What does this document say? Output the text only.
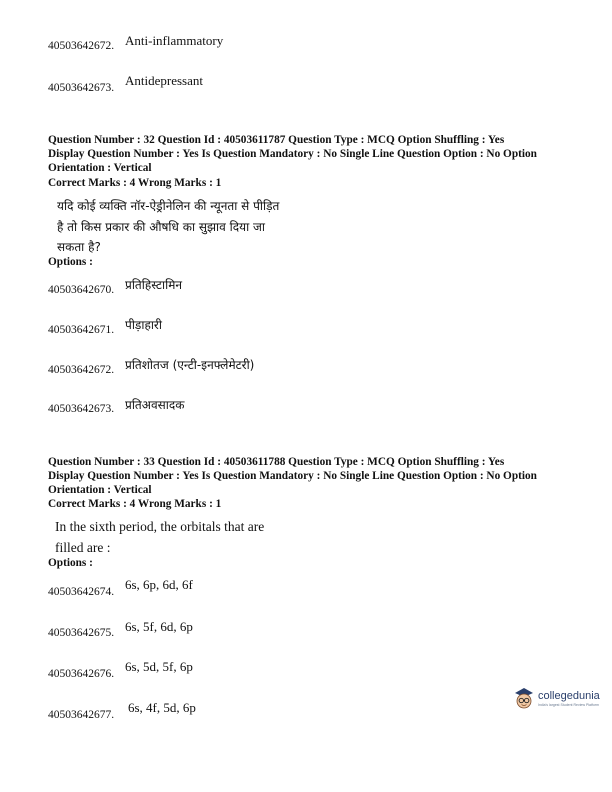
40503642672. Anti-inflammatory
40503642673. Antidepressant
Question Number : 32 Question Id : 40503611787 Question Type : MCQ Option Shuffling : Yes
Display Question Number : Yes Is Question Mandatory : No Single Line Question Option : No Option
Orientation : Vertical
Correct Marks : 4 Wrong Marks : 1
यदि कोई व्यक्ति नॉर-ऐड्रीनेलिन की न्यूनता से पीड़ित
है तो किस प्रकार की औषधि का सुझाव दिया जा
सकता है?
Options :
40503642670. प्रतिहिस्टामिन
40503642671. पीड़ाहारी
40503642672. प्रतिशोतज (एन्टी-इनफ्लेमेटरी)
40503642673. प्रतिअवसादक
Question Number : 33 Question Id : 40503611788 Question Type : MCQ Option Shuffling : Yes
Display Question Number : Yes Is Question Mandatory : No Single Line Question Option : No Option
Orientation : Vertical
Correct Marks : 4 Wrong Marks : 1
In the sixth period, the orbitals that are
filled are :
Options :
40503642674. 6s, 6p, 6d, 6f
40503642675. 6s, 5f, 6d, 6p
40503642676. 6s, 5d, 5f, 6p
40503642677. 6s, 4f, 5d, 6p
collegedunia
India's largest Student Review Platform
